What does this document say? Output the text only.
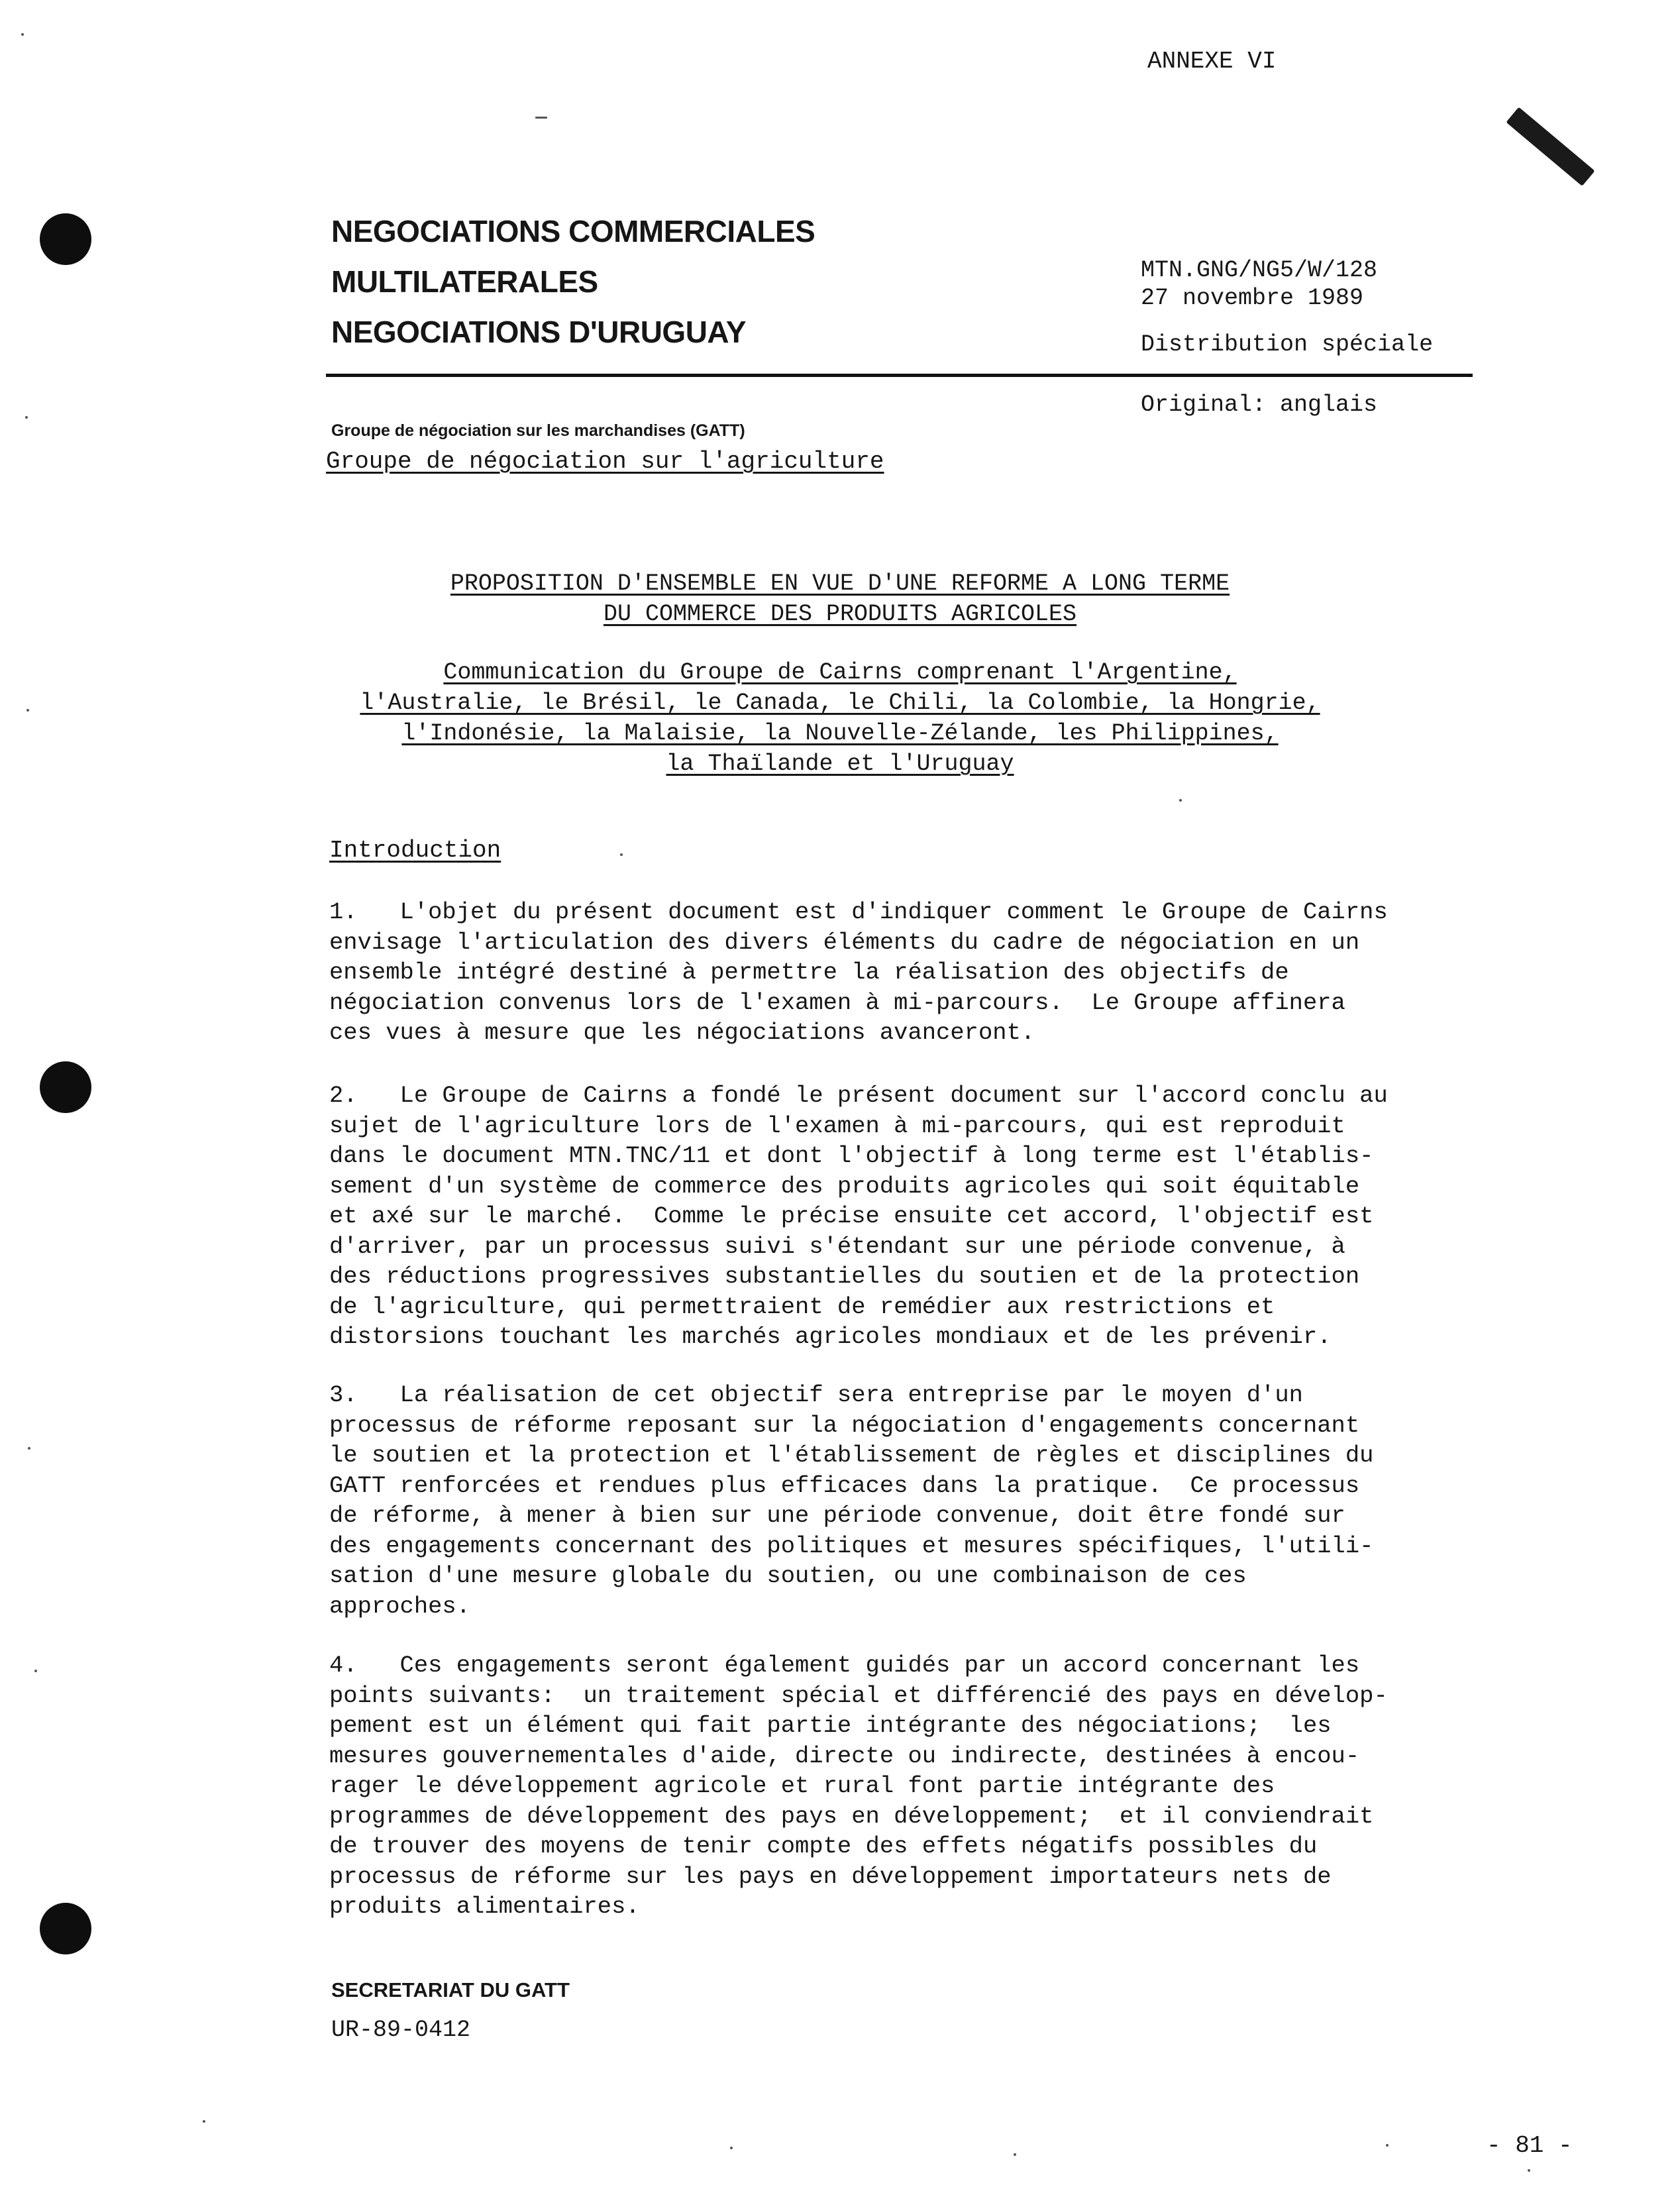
ANNEXE VI
NEGOCIATIONS COMMERCIALES
MULTILATERALES
NEGOCIATIONS D'URUGUAY
MTN.GNG/NG5/W/128
27 novembre 1989
Distribution spéciale
Original: anglais
Groupe de négociation sur les marchandises (GATT)
Groupe de négociation sur l'agriculture
PROPOSITION D'ENSEMBLE EN VUE D'UNE REFORME A LONG TERME
DU COMMERCE DES PRODUITS AGRICOLES
Communication du Groupe de Cairns comprenant l'Argentine,
l'Australie, le Brésil, le Canada, le Chili, la Colombie, la Hongrie,
l'Indonésie, la Malaisie, la Nouvelle-Zélande, les Philippines,
la Thaïlande et l'Uruguay
Introduction
1.   L'objet du présent document est d'indiquer comment le Groupe de Cairns
envisage l'articulation des divers éléments du cadre de négociation en un
ensemble intégré destiné à permettre la réalisation des objectifs de
négociation convenus lors de l'examen à mi-parcours.  Le Groupe affinera
ces vues à mesure que les négociations avanceront.
2.   Le Groupe de Cairns a fondé le présent document sur l'accord conclu au
sujet de l'agriculture lors de l'examen à mi-parcours, qui est reproduit
dans le document MTN.TNC/11 et dont l'objectif à long terme est l'établis-
sement d'un système de commerce des produits agricoles qui soit équitable
et axé sur le marché.  Comme le précise ensuite cet accord, l'objectif est
d'arriver, par un processus suivi s'étendant sur une période convenue, à
des réductions progressives substantielles du soutien et de la protection
de l'agriculture, qui permettraient de remédier aux restrictions et
distorsions touchant les marchés agricoles mondiaux et de les prévenir.
3.   La réalisation de cet objectif sera entreprise par le moyen d'un
processus de réforme reposant sur la négociation d'engagements concernant
le soutien et la protection et l'établissement de règles et disciplines du
GATT renforcées et rendues plus efficaces dans la pratique.  Ce processus
de réforme, à mener à bien sur une période convenue, doit être fondé sur
des engagements concernant des politiques et mesures spécifiques, l'utili-
sation d'une mesure globale du soutien, ou une combinaison de ces
approches.
4.   Ces engagements seront également guidés par un accord concernant les
points suivants:  un traitement spécial et différencié des pays en dévelop-
pement est un élément qui fait partie intégrante des négociations;  les
mesures gouvernementales d'aide, directe ou indirecte, destinées à encou-
rager le développement agricole et rural font partie intégrante des
programmes de développement des pays en développement;  et il conviendrait
de trouver des moyens de tenir compte des effets négatifs possibles du
processus de réforme sur les pays en développement importateurs nets de
produits alimentaires.
SECRETARIAT DU GATT
UR-89-0412
- 81 -
